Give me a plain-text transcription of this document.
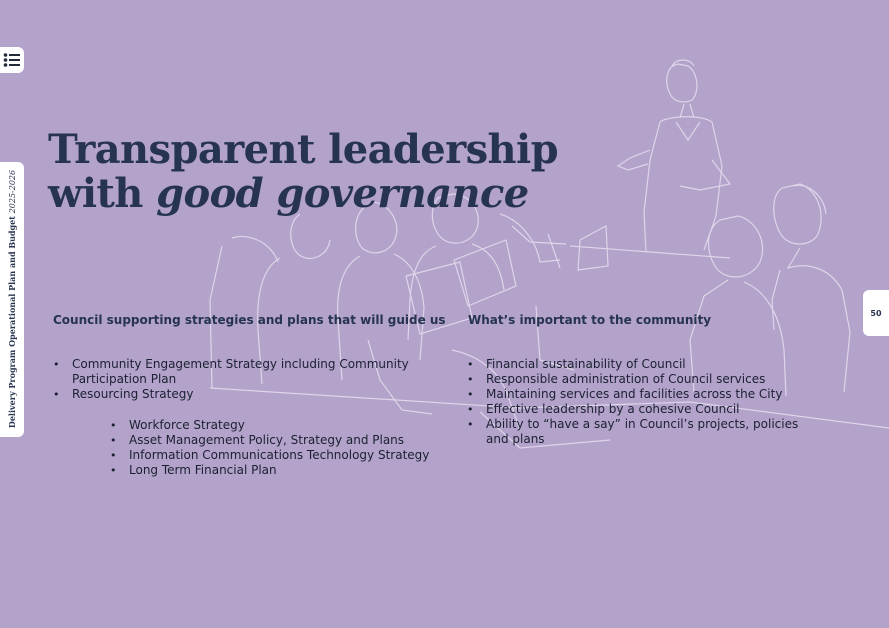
Delivery Program Operational Plan and Budget 2025-2026
50
Transparent leadership
with good governance
Council supporting strategies and plans that will guide us
• Community Engagement Strategy including Community Participation Plan
• Resourcing Strategy
• Workforce Strategy
• Asset Management Policy, Strategy and Plans
• Information Communications Technology Strategy
• Long Term Financial Plan
What’s important to the community
• Financial sustainability of Council
• Responsible administration of Council services
• Maintaining services and facilities across the City
• Effective leadership by a cohesive Council
• Ability to “have a say” in Council’s projects, policies and plans
